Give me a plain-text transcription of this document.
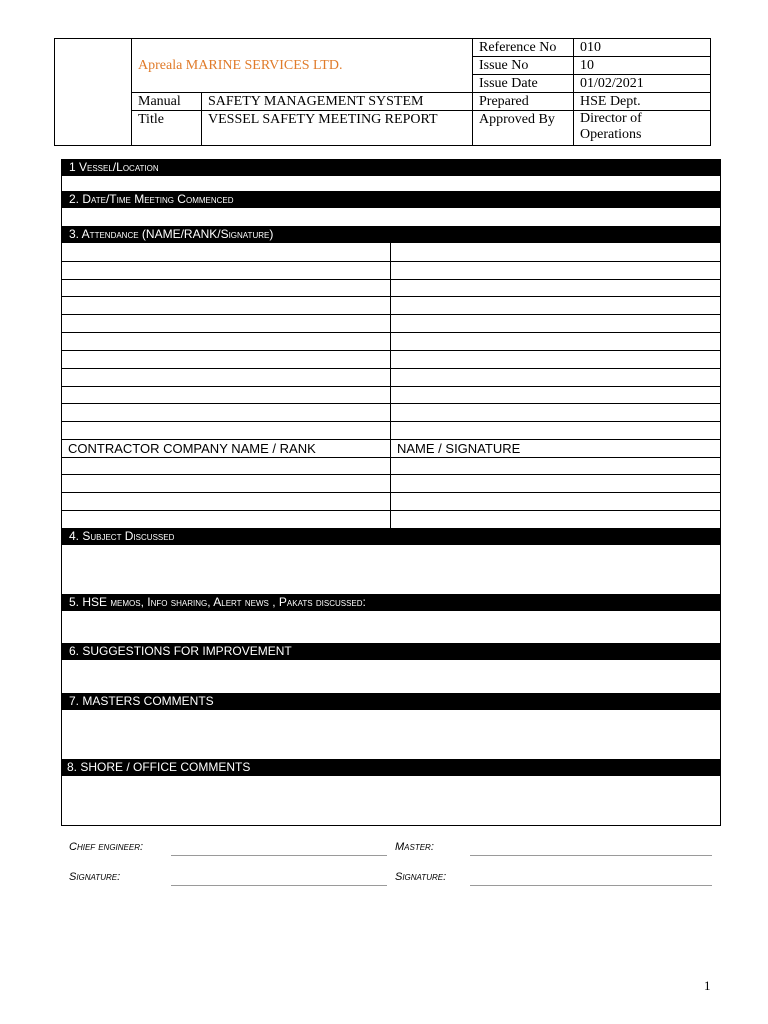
	Apreala MARINE SERVICES LTD.		Reference No	010
			Issue No	10
			Issue Date	01/02/2021
	Manual	SAFETY MANAGEMENT SYSTEM	Prepared	HSE Dept.
	Title	VESSEL SAFETY MEETING REPORT	Approved By	Director of Operations
1 Vessel/Location
2. Date/Time Meeting Commenced
3. Attendance (NAME/RANK/Signature)
CONTRACTOR COMPANY NAME / RANK	NAME / SIGNATURE
4. Subject Discussed
5. HSE memos, Info sharing, Alert news , Pakats discussed:
6. SUGGESTIONS FOR IMPROVEMENT
7. MASTERS COMMENTS
8. SHORE / OFFICE COMMENTS
Chief engineer:	Master:
Signature:	Signature:
1
